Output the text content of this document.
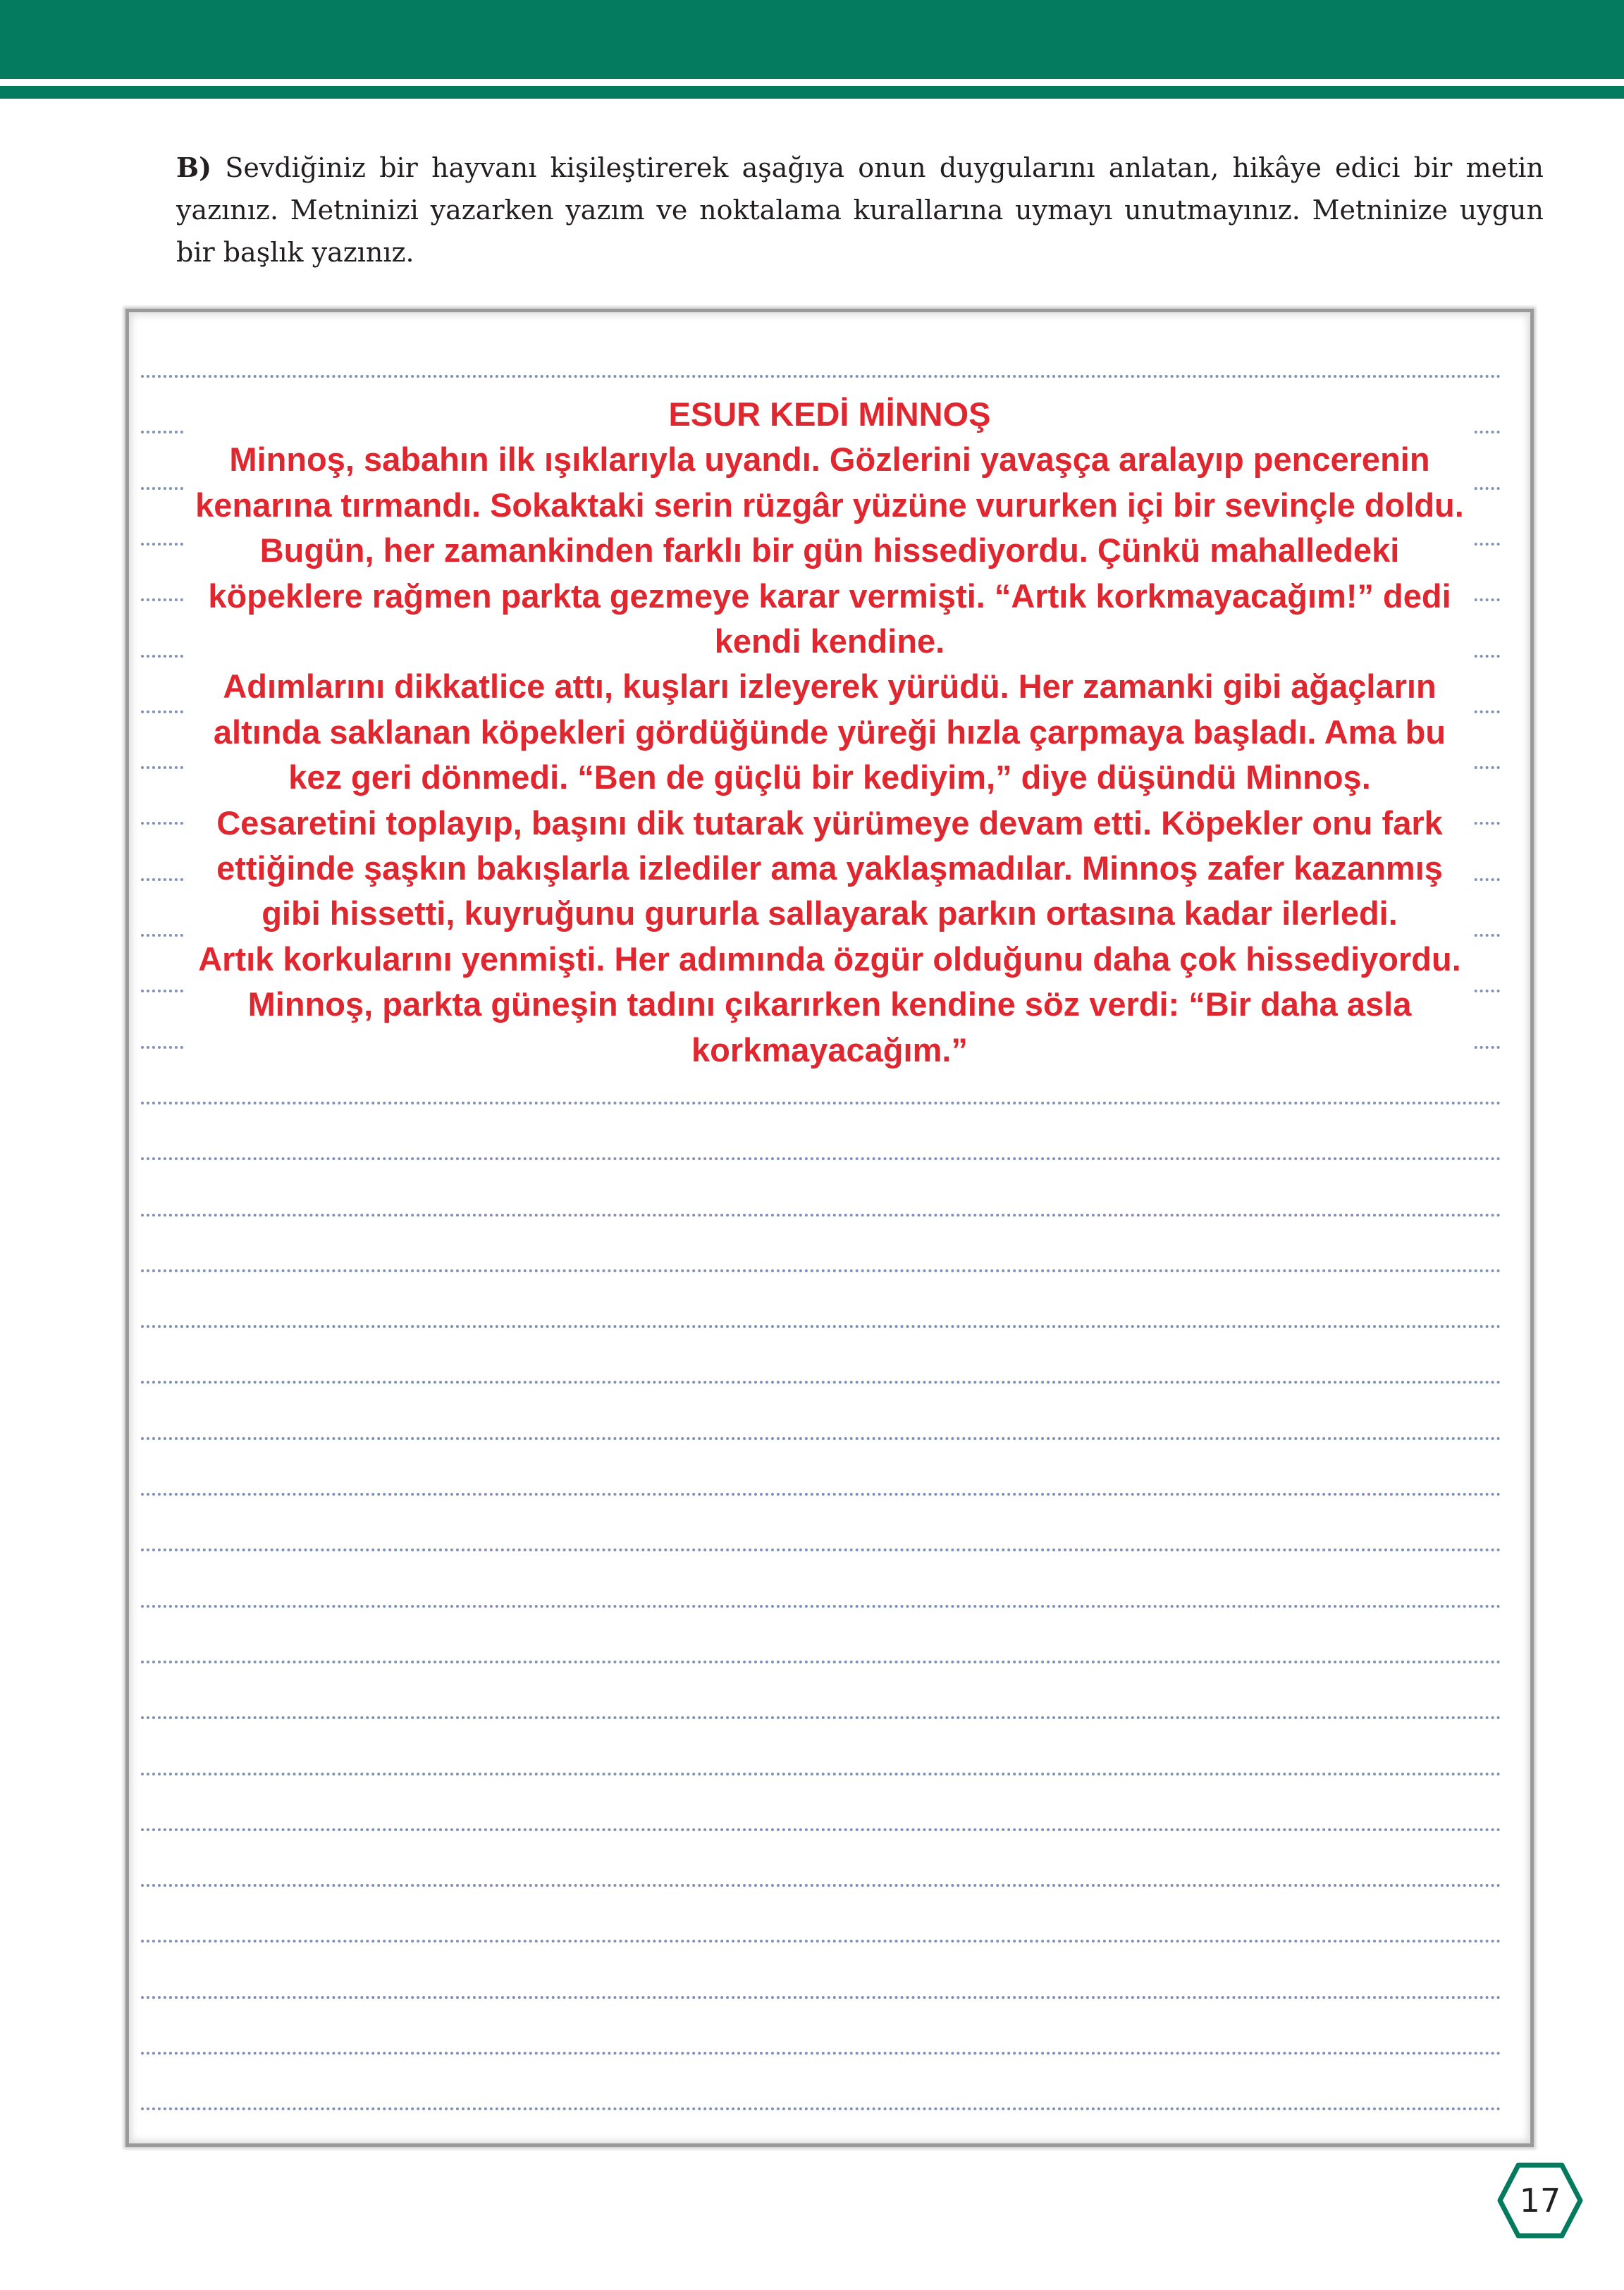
B) Sevdiğiniz bir hayvanı kişileştirerek aşağıya onun duygularını anlatan, hikâye edici bir metin yazınız. Metninizi yazarken yazım ve noktalama kurallarına uymayı unutmayınız. Metninize uygun bir başlık yazınız.

ESUR KEDİ MİNNOŞ

Minnoş, sabahın ilk ışıklarıyla uyandı. Gözlerini yavaşça aralayıp pencerenin kenarına tırmandı. Sokaktaki serin rüzgâr yüzüne vururken içi bir sevinçle doldu. Bugün, her zamankinden farklı bir gün hissediyordu. Çünkü mahalledeki köpeklere rağmen parkta gezmeye karar vermişti. “Artık korkmayacağım!” dedi kendi kendine.

Adımlarını dikkatlice attı, kuşları izleyerek yürüdü. Her zamanki gibi ağaçların altında saklanan köpekleri gördüğünde yüreği hızla çarpmaya başladı. Ama bu kez geri dönmedi. “Ben de güçlü bir kediyim,” diye düşündü Minnoş.

Cesaretini toplayıp, başını dik tutarak yürümeye devam etti. Köpekler onu fark ettiğinde şaşkın bakışlarla izlediler ama yaklaşmadılar. Minnoş zafer kazanmış gibi hissetti, kuyruğunu gururla sallayarak parkın ortasına kadar ilerledi.

Artık korkularını yenmişti. Her adımında özgür olduğunu daha çok hissediyordu. Minnoş, parkta güneşin tadını çıkarırken kendine söz verdi: “Bir daha asla korkmayacağım.”

17
